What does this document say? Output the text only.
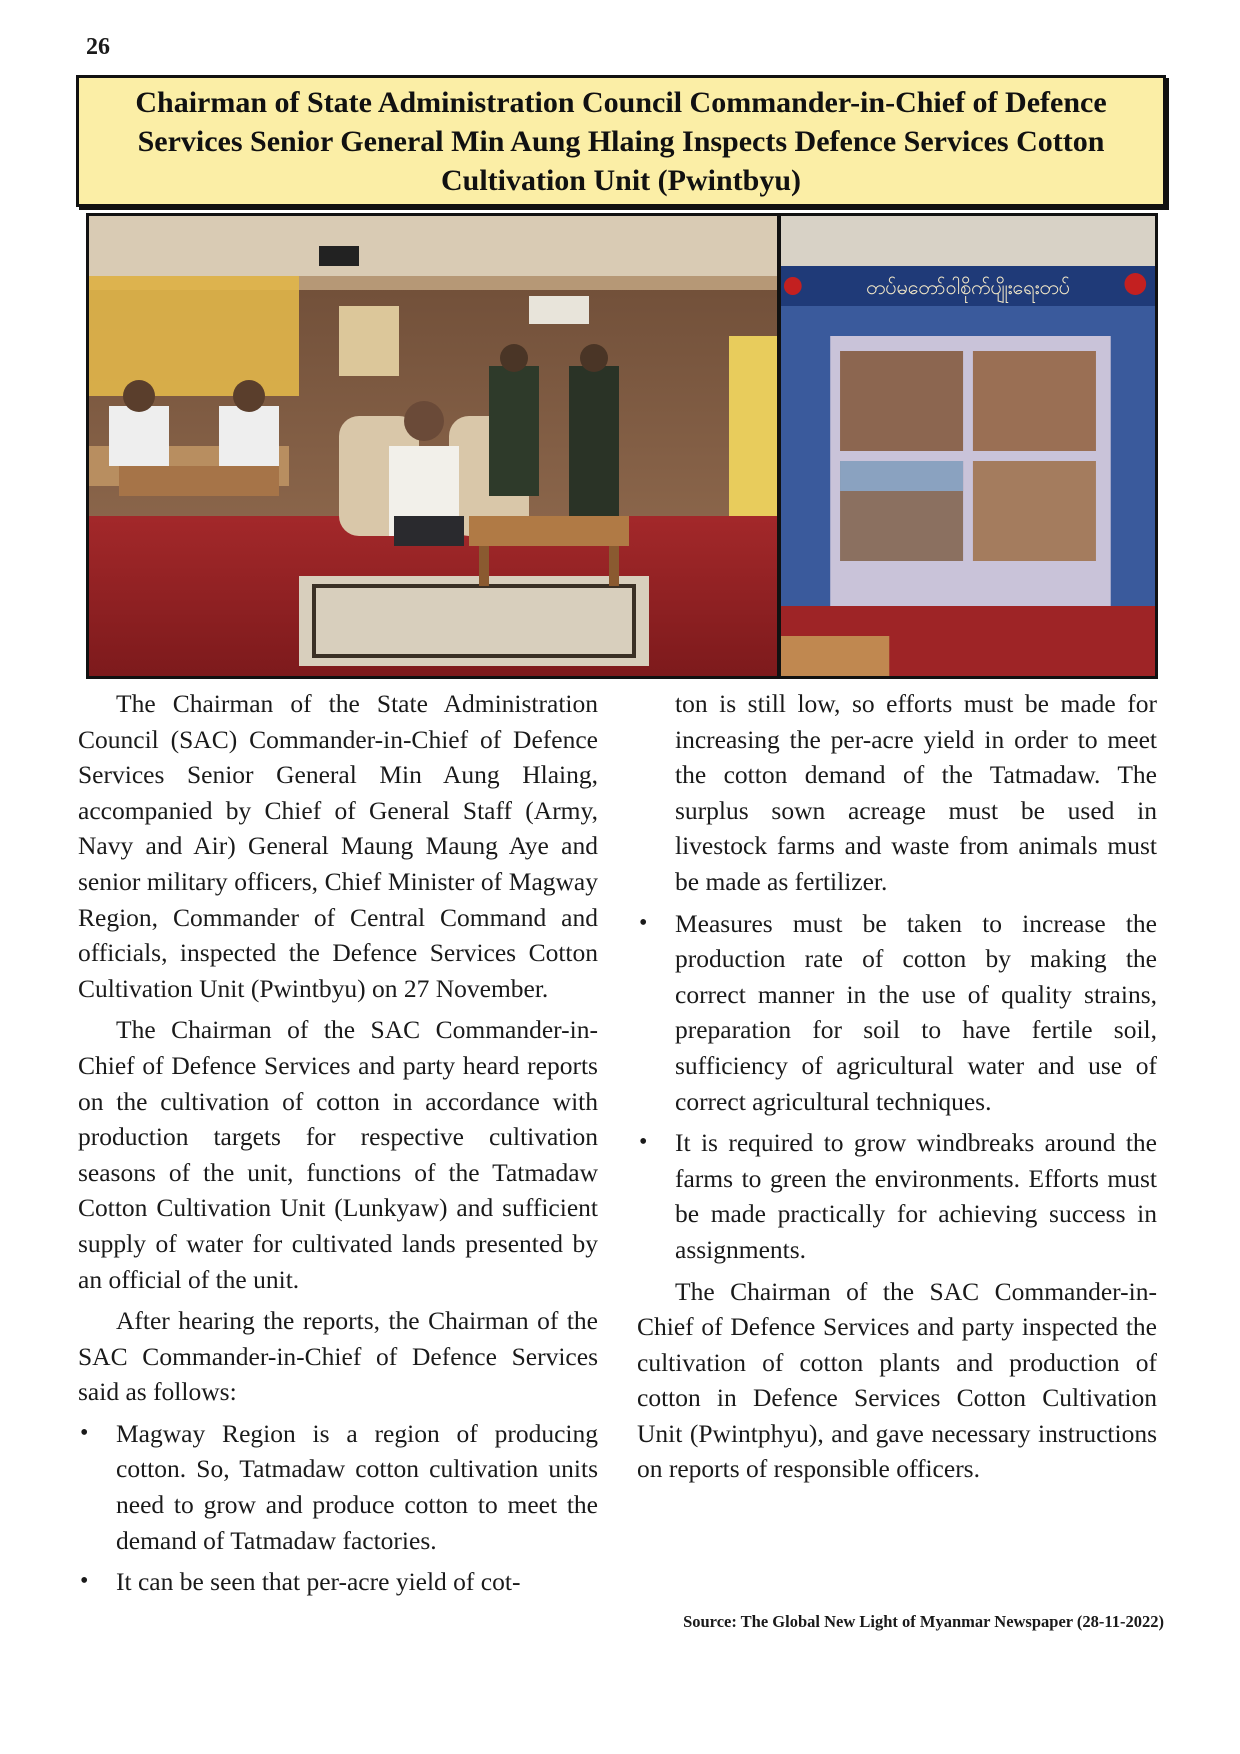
26
Chairman of State Administration Council Commander-in-Chief of Defence Services Senior General Min Aung Hlaing Inspects Defence Services Cotton Cultivation Unit (Pwintbyu)
တပ်မတော်ဝါစိုက်ပျိုးရေးတပ်

The Chairman of the State Administration Council (SAC) Commander-in-Chief of Defence Services Senior General Min Aung Hlaing, accompanied by Chief of General Staff (Army, Navy and Air) General Maung Maung Aye and senior military officers, Chief Minister of Magway Region, Commander of Central Command and officials, inspected the Defence Services Cotton Cultivation Unit (Pwintbyu) on 27 November.

The Chairman of the SAC Commander-in-Chief of Defence Services and party heard reports on the cultivation of cotton in accordance with production targets for respective cultivation seasons of the unit, functions of the Tatmadaw Cotton Cultivation Unit (Lunkyaw) and sufficient supply of water for cultivated lands presented by an official of the unit.

After hearing the reports, the Chairman of the SAC Commander-in-Chief of Defence Services said as follows:

• Magway Region is a region of producing cotton. So, Tatmadaw cotton cultivation units need to grow and produce cotton to meet the demand of Tatmadaw factories.
• It can be seen that per-acre yield of cot-
ton is still low, so efforts must be made for increasing the per-acre yield in order to meet the cotton demand of the Tatmadaw. The surplus sown acreage must be used in livestock farms and waste from animals must be made as fertilizer.
• Measures must be taken to increase the production rate of cotton by making the correct manner in the use of quality strains, preparation for soil to have fertile soil, sufficiency of agricultural water and use of correct agricultural techniques.
• It is required to grow windbreaks around the farms to green the environments. Efforts must be made practically for achieving success in assignments.

The Chairman of the SAC Commander-in-Chief of Defence Services and party inspected the cultivation of cotton plants and production of cotton in Defence Services Cotton Cultivation Unit (Pwintphyu), and gave necessary instructions on reports of responsible officers.

Source: The Global New Light of Myanmar Newspaper (28-11-2022)
